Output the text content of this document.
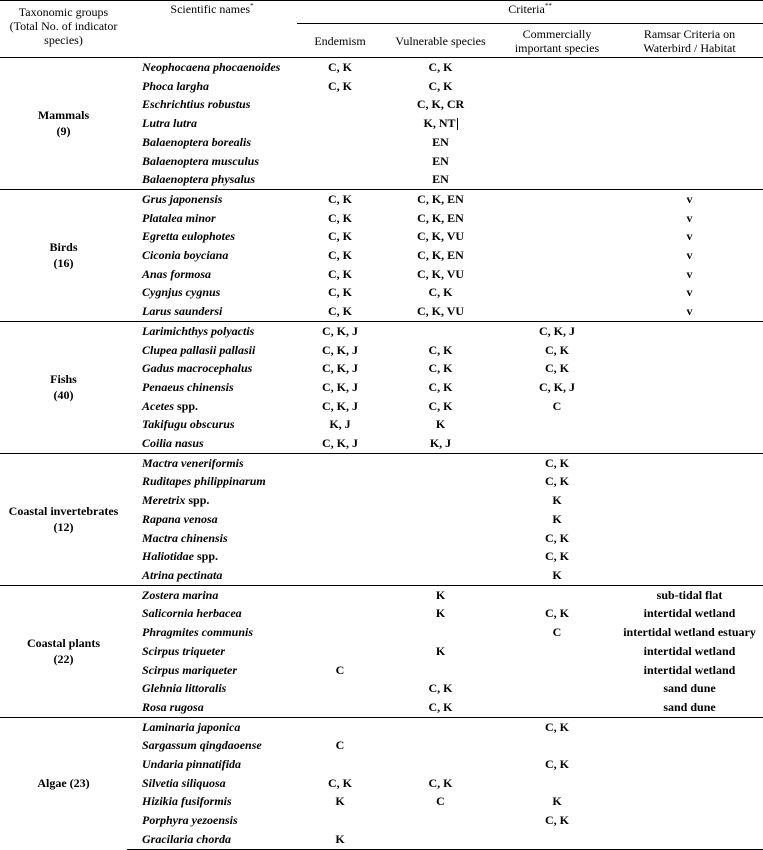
Taxonomic groups
(Total No. of indicator species)	Scientific names*	Criteria**
		Endemism	Vulnerable species	Commercially important species	Ramsar Criteria on Waterbird / Habitat

Mammals
(9)	Neophocaena phocaenoides	C, K	C, K		
	Phoca largha	C, K	C, K		
	Eschrichtius robustus		C, K, CR		
	Lutra lutra		K, NT		
	Balaenoptera borealis		EN		
	Balaenoptera musculus		EN		
	Balaenoptera physalus		EN		

Birds
(16)	Grus japonensis	C, K	C, K, EN		v
	Platalea minor	C, K	C, K, EN		v
	Egretta eulophotes	C, K	C, K, VU		v
	Ciconia boyciana	C, K	C, K, EN		v
	Anas formosa	C, K	C, K, VU		v
	Cygnjus cygnus	C, K	C, K		v
	Larus saundersi	C, K	C, K, VU		v

Fishs
(40)	Larimichthys polyactis	C, K, J		C, K, J	
	Clupea pallasii pallasii	C, K, J	C, K	C, K	
	Gadus macrocephalus	C, K, J	C, K	C, K	
	Penaeus chinensis	C, K, J	C, K	C, K, J	
	Acetes spp.	C, K, J	C, K	C	
	Takifugu obscurus	K, J	K		
	Coilia nasus	C, K, J	K, J		

Coastal invertebrates
(12)	Mactra veneriformis			C, K	
	Ruditapes philippinarum			C, K	
	Meretrix spp.			K	
	Rapana venosa			K	
	Mactra chinensis			C, K	
	Haliotidae spp.			C, K	
	Atrina pectinata			K	

Coastal plants
(22)	Zostera marina		K		sub-tidal flat
	Salicornia herbacea		K	C, K	intertidal wetland
	Phragmites communis			C	intertidal wetland estuary
	Scirpus triqueter		K		intertidal wetland
	Scirpus mariqueter	C			intertidal wetland
	Glehnia littoralis		C, K		sand dune
	Rosa rugosa		C, K		sand dune

Algae (23)	Laminaria japonica			C, K	
	Sargassum qingdaoense	C			
	Undaria pinnatifida			C, K	
	Silvetia siliquosa	C, K	C, K		
	Hizikia fusiformis	K	C	K	
	Porphyra yezoensis			C, K	
	Gracilaria chorda	K			
